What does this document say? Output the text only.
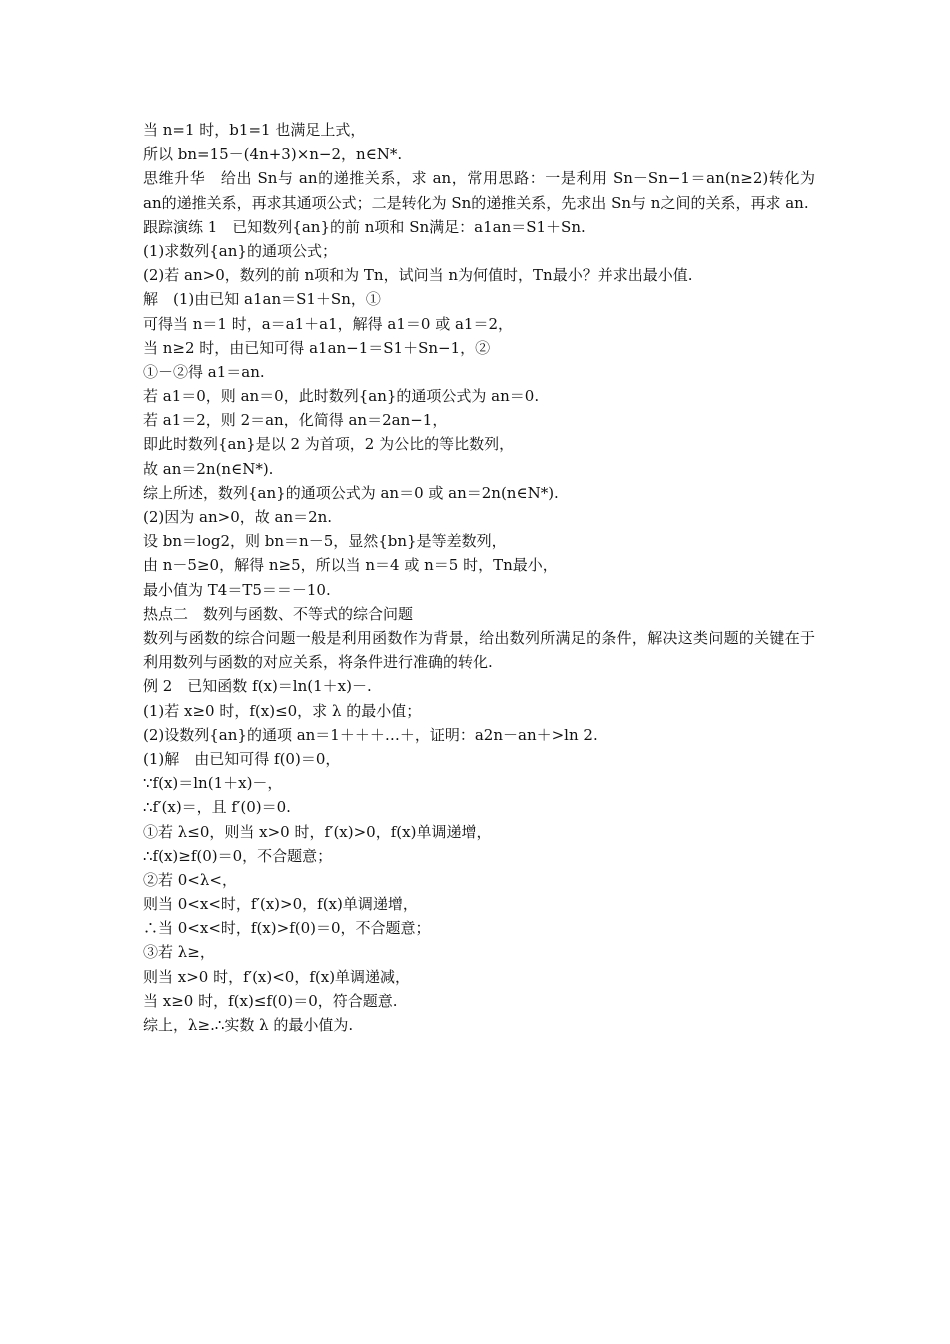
当 n=1 时，b1=1 也满足上式，
所以 bn=15－(4n+3)×n−2，n∈N*.
思维升华　给出 Sn与 an的递推关系，求 an，常用思路：一是利用 Sn－Sn−1＝an(n≥2)转化为 an的递推关系，再求其通项公式；二是转化为 Sn的递推关系，先求出 Sn与 n之间的关系，再求 an.
跟踪演练 1　已知数列{an}的前 n项和 Sn满足：a1an＝S1＋Sn.
(1)求数列{an}的通项公式；
(2)若 an>0，数列的前 n项和为 Tn，试问当 n为何值时，Tn最小？并求出最小值.
解　(1)由已知 a1an＝S1＋Sn，①
可得当 n＝1 时，a＝a1＋a1，解得 a1＝0 或 a1＝2，
当 n≥2 时，由已知可得 a1an−1＝S1＋Sn−1，②
①－②得 a1＝an.
若 a1＝0，则 an＝0，此时数列{an}的通项公式为 an＝0.
若 a1＝2，则 2＝an，化简得 an＝2an−1，
即此时数列{an}是以 2 为首项，2 为公比的等比数列，
故 an＝2n(n∈N*).
综上所述，数列{an}的通项公式为 an＝0 或 an＝2n(n∈N*).
(2)因为 an>0，故 an＝2n.
设 bn＝log2，则 bn＝n－5，显然{bn}是等差数列，
由 n－5≥0，解得 n≥5，所以当 n＝4 或 n＝5 时，Tn最小，
最小值为 T4＝T5＝＝－10.
热点二　数列与函数、不等式的综合问题
数列与函数的综合问题一般是利用函数作为背景，给出数列所满足的条件，解决这类问题的关键在于利用数列与函数的对应关系，将条件进行准确的转化.
例 2　已知函数 f(x)＝ln(1＋x)－.
(1)若 x≥0 时，f(x)≤0，求 λ 的最小值；
(2)设数列{an}的通项 an＝1＋＋＋…＋，证明：a2n－an＋>ln 2.
(1)解　由已知可得 f(0)＝0，
∵f(x)＝ln(1＋x)－，
∴f′(x)＝，且 f′(0)＝0.
①若 λ≤0，则当 x>0 时，f′(x)>0，f(x)单调递增，
∴f(x)≥f(0)＝0，不合题意；
②若 0<λ<，
则当 0<x<时，f′(x)>0，f(x)单调递增，
∴当 0<x<时，f(x)>f(0)＝0，不合题意；
③若 λ≥，
则当 x>0 时，f′(x)<0，f(x)单调递减，
当 x≥0 时，f(x)≤f(0)＝0，符合题意.
综上，λ≥.∴实数 λ 的最小值为.
